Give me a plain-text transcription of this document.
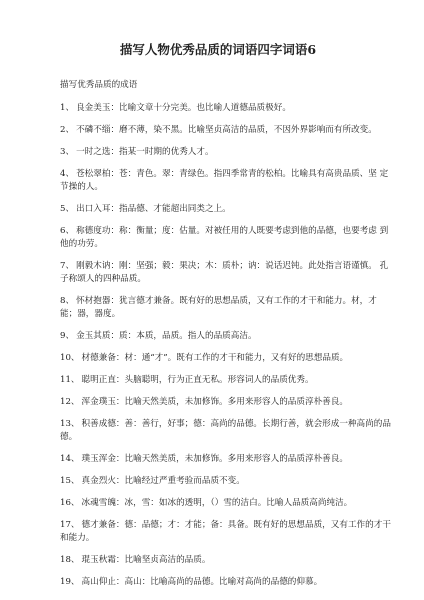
描写人物优秀品质的词语四字词语6
描写优秀品质的成语
1、 良金美玉：比喻文章十分完美。也比喻人道德品质极好。
2、 不磷不缁：磨不薄，染不黑。比喻坚贞高洁的品质，不因外界影响而有所改变。
3、 一时之选：指某一时期的优秀人才。
4、 苍松翠柏：苍：青色。翠：青绿色。指四季常青的松柏。比喻具有高贵品质、坚 定节操的人。
5、 出口入耳：指品德、才能超出同类之上。
6、 称德度功：称：衡量；度：估量。对被任用的人既要考虑到他的品德，也要考虑 到他的功劳。
7、 刚毅木讷：刚：坚强；毅：果决；木：质朴；讷：说话迟钝。此处指言语谨慎。 孔子称颂人的四种品质。
8、 怀材抱器：犹言德才兼备。既有好的思想品质，又有工作的才干和能力。材，才 能；器，器度。
9、 金玉其质：质：本质，品质。指人的品质高洁。
10、 材德兼备：材：通“才”。既有工作的才干和能力，又有好的思想品质。
11、 聪明正直：头脑聪明，行为正直无私。形容词人的品质优秀。
12、 浑金璞玉：比喻天然美质，未加修饰。多用来形容人的品质淳朴善良。
13、 积善成德：善：善行，好事；德：高尚的品德。长期行善，就会形成一种高尚的品德。
14、 璞玉浑金：比喻天然美质，未加修饰。多用来形容人的品质淳朴善良。
15、 真金烈火：比喻经过严重考验而品质不变。
16、 冰魂雪魄：冰，雪：如冰的透明，（）雪的洁白。比喻人品质高尚纯洁。
17、 德才兼备：德：品德；才：才能；备：具备。既有好的思想品质，又有工作的才干和能力。
18、 琨玉秋霜：比喻坚贞高洁的品质。
19、 高山仰止：高山：比喻高尚的品德。比喻对高尚的品德的仰慕。
